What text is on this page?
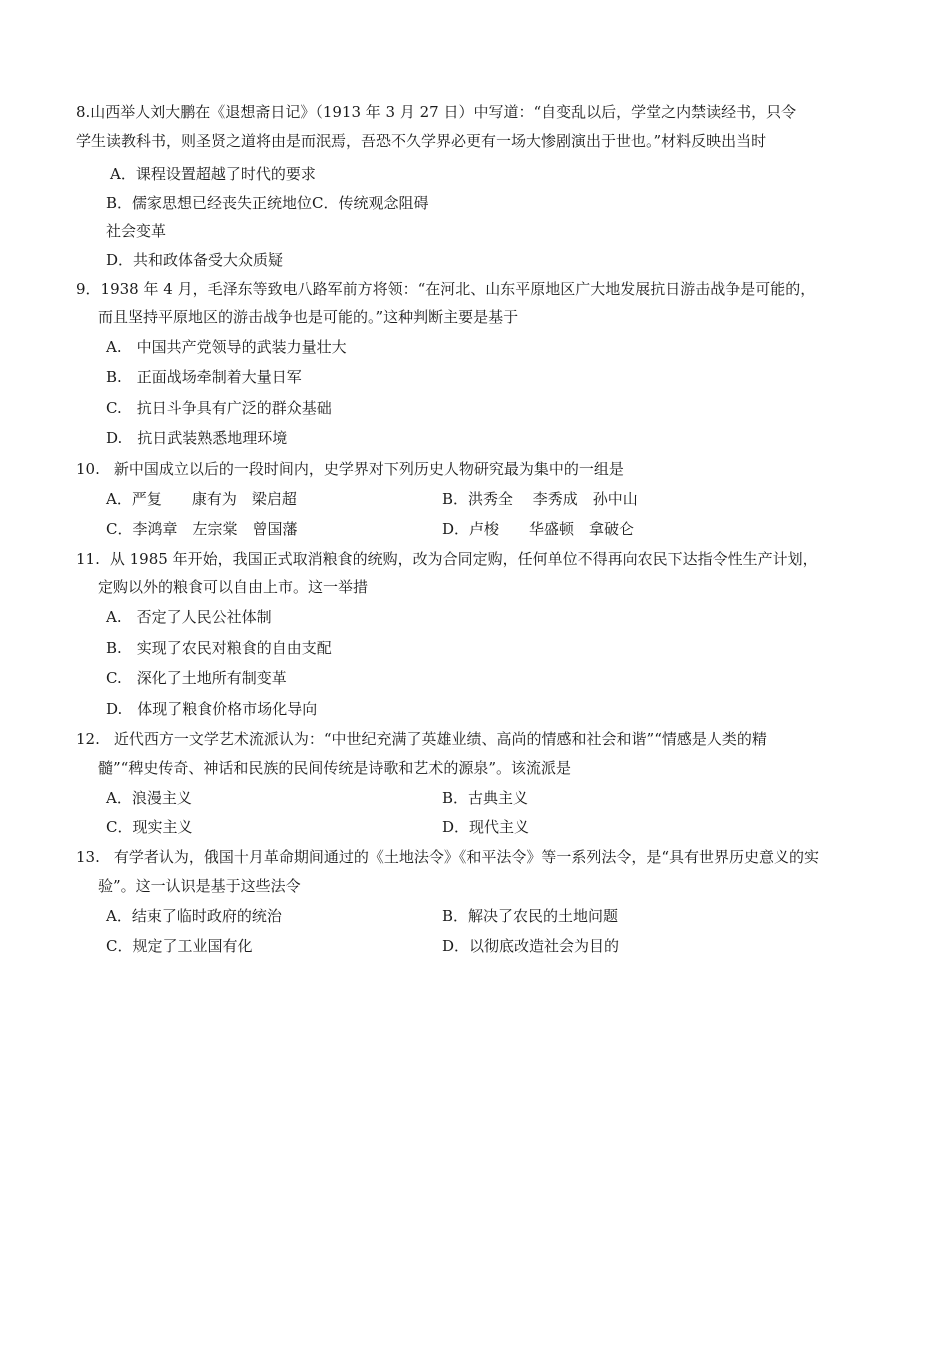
8.山西举人刘大鹏在《退想斋日记》（1913 年 3 月 27 日）中写道：“自变乱以后，学堂之内禁读经书，只令
学生读教科书，则圣贤之道将由是而泯焉，吾恐不久学界必更有一场大惨剧演出于世也。”材料反映出当时
A．课程设置超越了时代的要求
B．儒家思想已经丧失正统地位C．传统观念阻碍
社会变革
D．共和政体备受大众质疑
9．1938 年 4 月，毛泽东等致电八路军前方将领：“在河北、山东平原地区广大地发展抗日游击战争是可能的，
而且坚持平原地区的游击战争也是可能的。”这种判断主要是基于
A. 中国共产党领导的武装力量壮大
B. 正面战场牵制着大量日军
C. 抗日斗争具有广泛的群众基础
D. 抗日武装熟悉地理环境
10. 新中国成立以后的一段时间内，史学界对下列历史人物研究最为集中的一组是
A．严复　　康有为　梁启超	B．洪秀全　 李秀成　孙中山
C．李鸿章　左宗棠　曾国藩	D．卢梭　　华盛顿　拿破仑
11. 从 1985 年开始，我国正式取消粮食的统购，改为合同定购，任何单位不得再向农民下达指令性生产计划，
定购以外的粮食可以自由上市。这一举措
A. 否定了人民公社体制
B. 实现了农民对粮食的自由支配
C. 深化了土地所有制变革
D. 体现了粮食价格市场化导向
12. 近代西方一文学艺术流派认为：“中世纪充满了英雄业绩、高尚的情感和社会和谐”“情感是人类的精
髓”“稗史传奇、神话和民族的民间传统是诗歌和艺术的源泉”。该流派是
A．浪漫主义	B．古典主义
C．现实主义	D．现代主义
13. 有学者认为，俄国十月革命期间通过的《土地法令》《和平法令》等一系列法令，是“具有世界历史意义的实
验”。这一认识是基于这些法令
A．结束了临时政府的统治	B．解决了农民的土地问题
C．规定了工业国有化	D．以彻底改造社会为目的
